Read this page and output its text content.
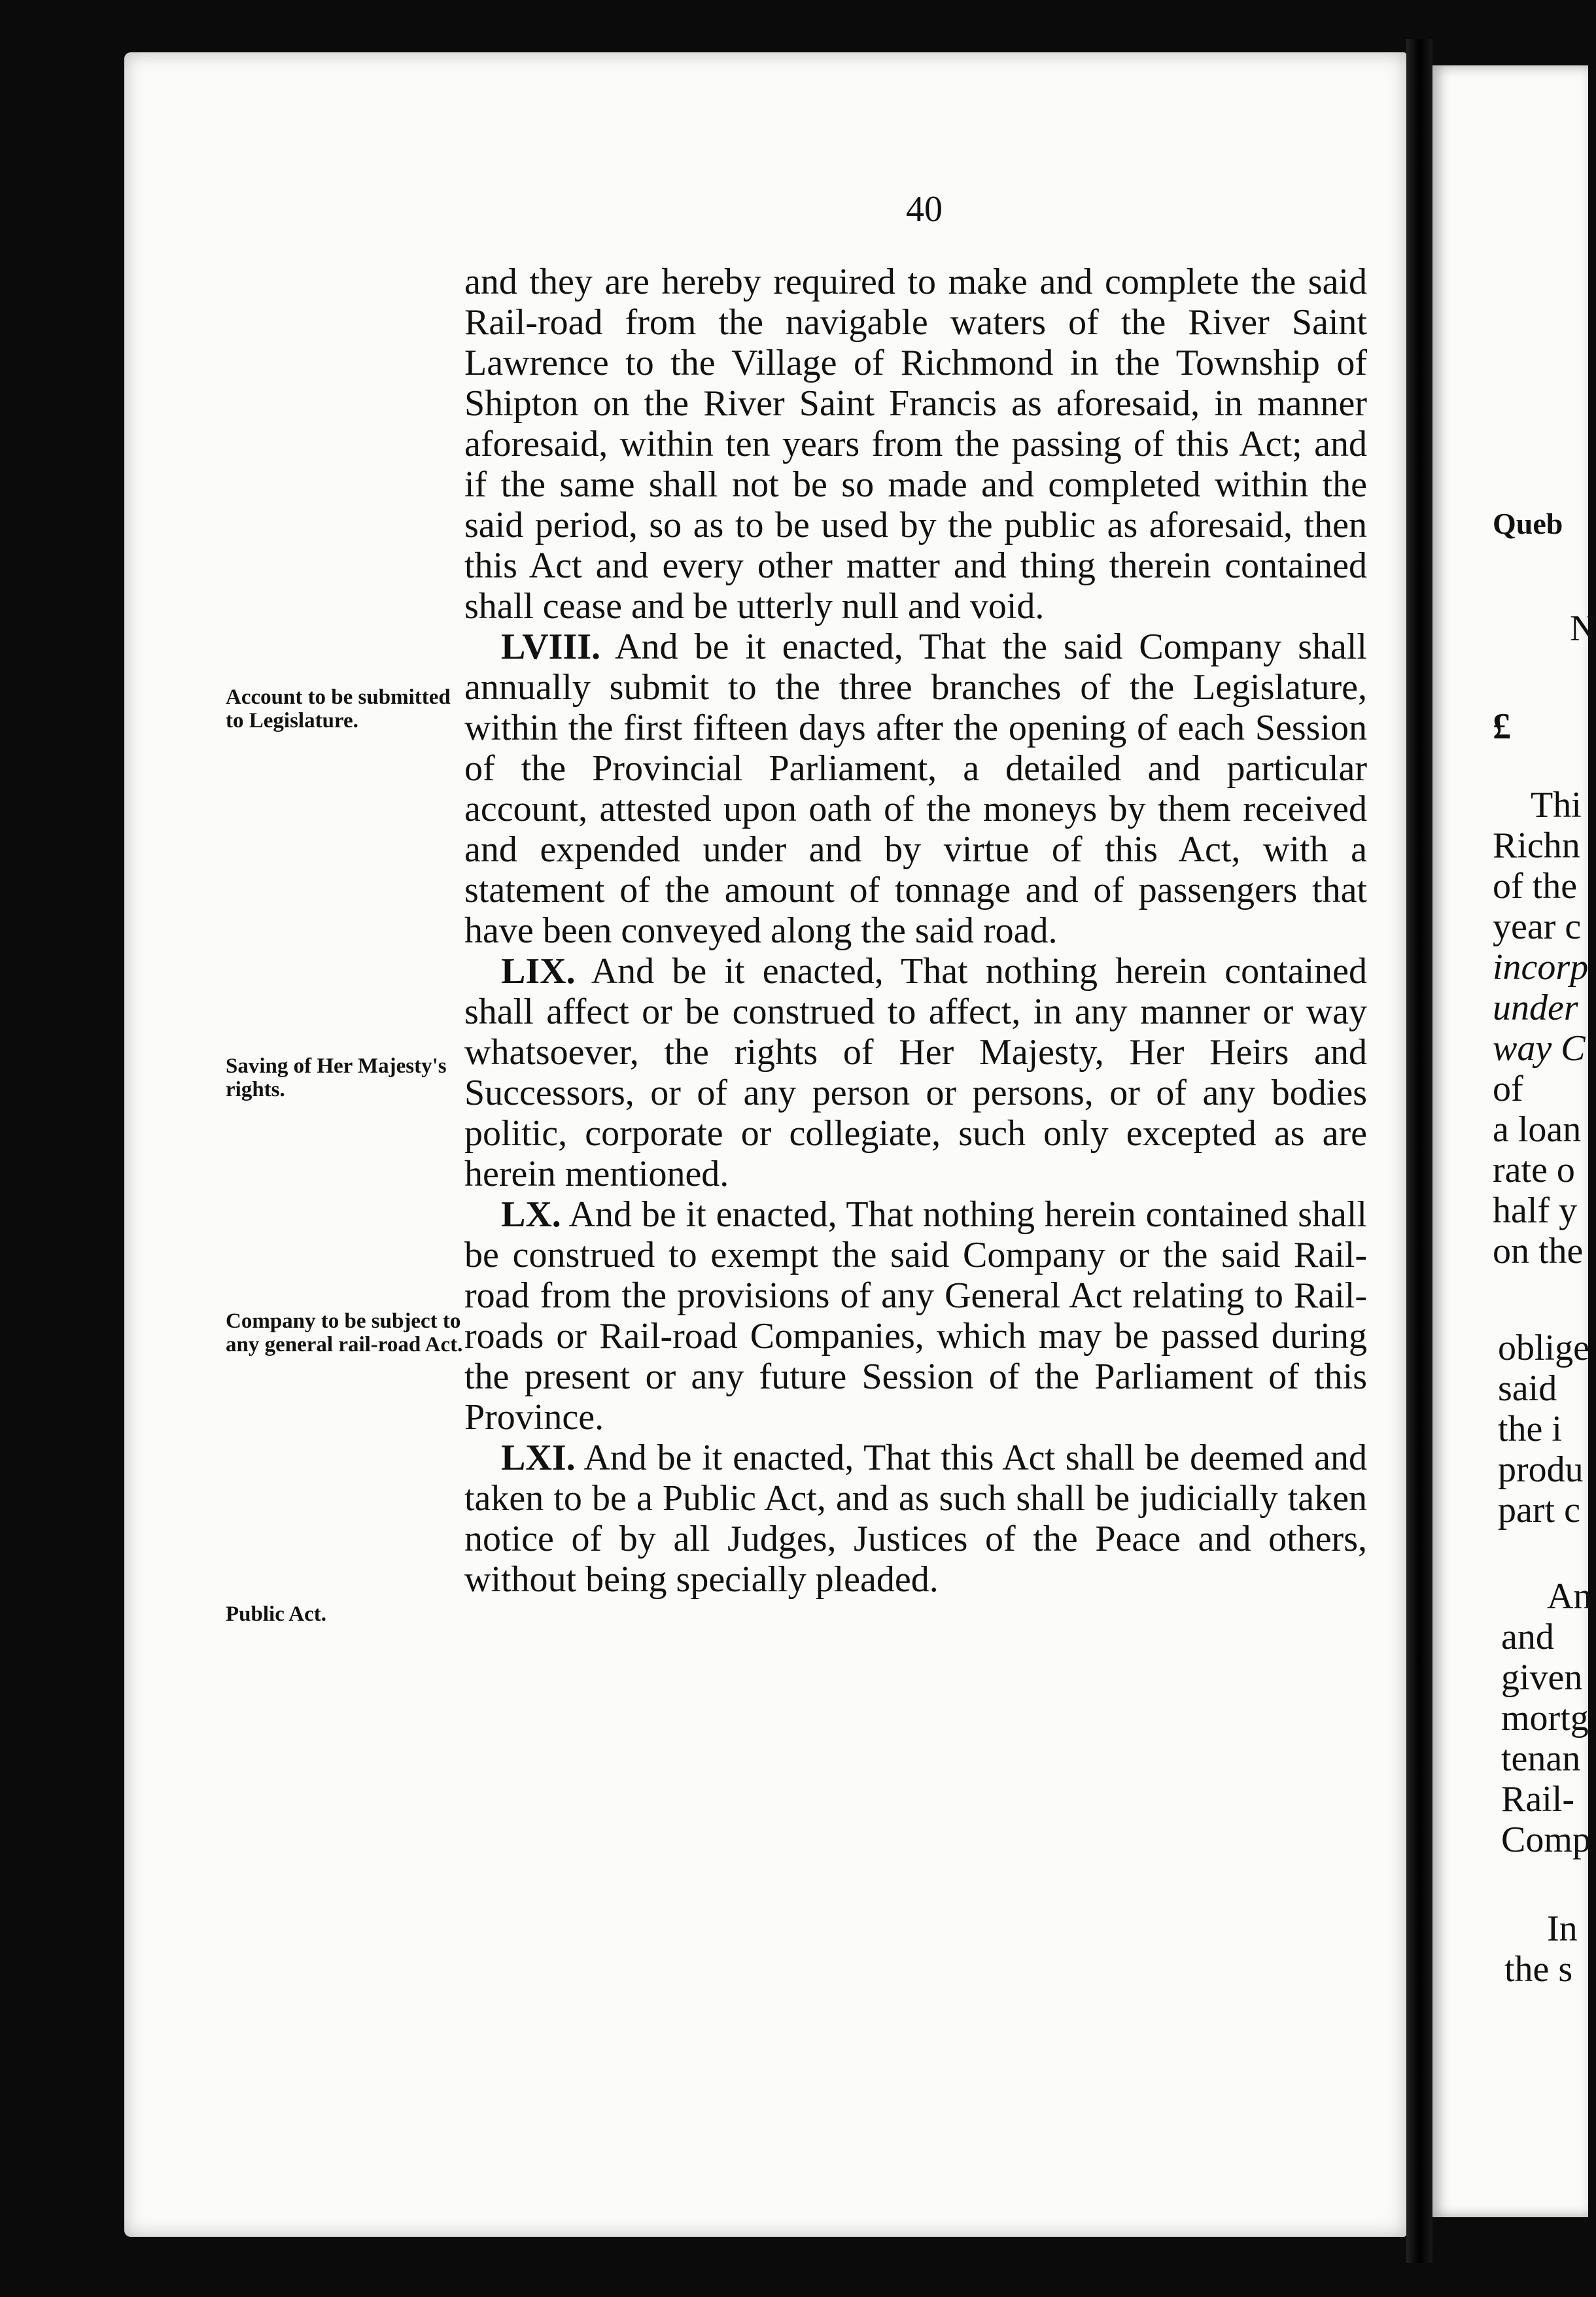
40
Account to be submitted to Legislature.
Saving of Her Majesty's rights.
Company to be subject to any general rail-road Act.
Public Act.

and they are hereby required to make and complete the said Rail-road from the navigable waters of the River Saint Lawrence to the Village of Richmond in the Township of Shipton on the River Saint Francis as aforesaid, in manner aforesaid, within ten years from the passing of this Act; and if the same shall not be so made and completed within the said period, so as to be used by the public as aforesaid, then this Act and every other matter and thing therein contained shall cease and be utterly null and void.

LVIII. And be it enacted, That the said Company shall annually submit to the three branches of the Legislature, within the first fifteen days after the opening of each Session of the Provincial Parliament, a detailed and particular account, attested upon oath of the moneys by them received and expended under and by virtue of this Act, with a statement of the amount of tonnage and of passengers that have been conveyed along the said road.

LIX. And be it enacted, That nothing herein contained shall affect or be construed to affect, in any manner or way whatsoever, the rights of Her Majesty, Her Heirs and Successors, or of any person or persons, or of any bodies politic, corporate or collegiate, such only excepted as are herein mentioned.

LX. And be it enacted, That nothing herein contained shall be construed to exempt the said Company or the said Rail-road from the provisions of any General Act relating to Rail-roads or Rail-road Companies, which may be passed during the present or any future Session of the Parliament of this Province.

LXI. And be it enacted, That this Act shall be deemed and taken to be a Public Act, and as such shall be judicially taken notice of by all Judges, Justices of the Peace and others, without being specially pleaded.

Queb
N
£
Thi
Richn
of the
year c
incorp
under
way C
of
a loan
rate o
half y
on the
oblige
said
the i
produ
part c
An
and
given
mortg
tenan
Rail-
Comp
In
the s
